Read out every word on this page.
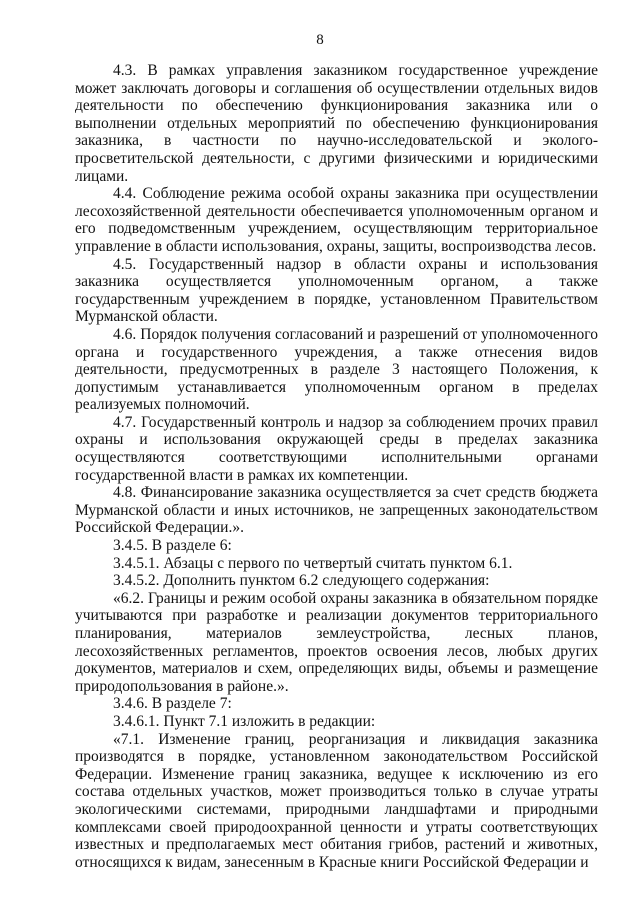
8

4.3. В рамках управления заказником государственное учреждение может заключать договоры и соглашения об осуществлении отдельных видов деятельности по обеспечению функционирования заказника или о выполнении отдельных мероприятий по обеспечению функционирования заказника, в частности по научно-исследовательской и эколого-просветительской деятельности, с другими физическими и юридическими лицами.

4.4. Соблюдение режима особой охраны заказника при осуществлении лесохозяйственной деятельности обеспечивается уполномоченным органом и его подведомственным учреждением, осуществляющим территориальное управление в области использования, охраны, защиты, воспроизводства лесов.

4.5. Государственный надзор в области охраны и использования заказника осуществляется уполномоченным органом, а также государственным учреждением в порядке, установленном Правительством Мурманской области.

4.6. Порядок получения согласований и разрешений от уполномоченного органа и государственного учреждения, а также отнесения видов деятельности, предусмотренных в разделе 3 настоящего Положения, к допустимым устанавливается уполномоченным органом в пределах реализуемых полномочий.

4.7. Государственный контроль и надзор за соблюдением прочих правил охраны и использования окружающей среды в пределах заказника осуществляются соответствующими исполнительными органами государственной власти в рамках их компетенции.

4.8. Финансирование заказника осуществляется за счет средств бюджета Мурманской области и иных источников, не запрещенных законодательством Российской Федерации.».

3.4.5. В разделе 6:

3.4.5.1. Абзацы с первого по четвертый считать пунктом 6.1.

3.4.5.2. Дополнить пунктом 6.2 следующего содержания:

«6.2. Границы и режим особой охраны заказника в обязательном порядке учитываются при разработке и реализации документов территориального планирования, материалов землеустройства, лесных планов, лесохозяйственных регламентов, проектов освоения лесов, любых других документов, материалов и схем, определяющих виды, объемы и размещение природопользования в районе.».

3.4.6. В разделе 7:

3.4.6.1. Пункт 7.1 изложить в редакции:

«7.1. Изменение границ, реорганизация и ликвидация заказника производятся в порядке, установленном законодательством Российской Федерации. Изменение границ заказника, ведущее к исключению из его состава отдельных участков, может производиться только в случае утраты экологическими системами, природными ландшафтами и природными комплексами своей природоохранной ценности и утраты соответствующих известных и предполагаемых мест обитания грибов, растений и животных, относящихся к видам, занесенным в Красные книги Российской Федерации и
